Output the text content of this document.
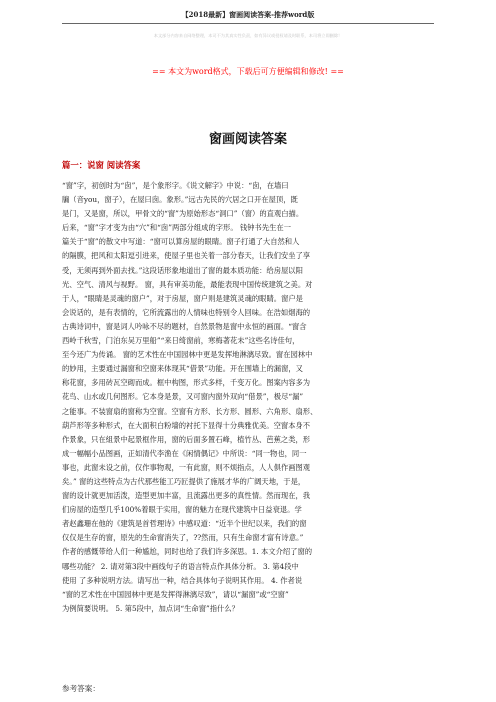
【2018最新】窗画阅读答案-推荐word版
本文部分内容来自网络整理，本司不为其真实性负责，如有异议或侵权请及时联系，本司将立即删除！
== 本文为word格式，下载后可方便编辑和修改! ==
窗画阅读答案
篇一：说窗 阅读答案
“窗”字，初创时为“囱”，是个象形字。《说文解字》中说：“囱，在墙曰
牖（音you，窗子），在屋曰囱。象形。”远古先民的穴居之口开在屋顶，既
是门，又是窗，所以，甲骨文的“窗”为原始形态“洞口”（窗）的直观白描。
后来，“窗”字才变为由“穴”和“囱”两部分组成的字形。 钱钟书先生在一
篇关于“窗”的散文中写道：“窗可以算房屋的眼睛。窗子打通了大自然和人
的隔膜，把风和太阳逗引进来，使屋子里也关着一部分春天，让我们安坐了享
受，无须再到外面去找。”这段话形象地道出了窗的最本质功能：给房屋以阳
光、空气、清风与视野。 窗，具有审美功能，最能表现中国传统建筑之美。对
于人，“眼睛是灵魂的窗户”，对于房屋，窗户则是建筑灵魂的眼睛。窗户是
会说话的，是有表情的，它所流露出的人情味也特别令人回味。在浩如烟海的
古典诗词中，窗是词人吟咏不尽的题材，自然景物是窗中永恒的画面。“窗含
西岭千秋雪，门泊东吴万里船”“来日绮窗前，寒梅著花未”这些名诗佳句，
至今还广为传诵。 窗的艺术性在中国园林中更是发挥地淋漓尽致。窗在园林中
的妙用，主要通过漏窗和空窗来体现其“借景”功能。开在围墙上的漏窗，又
称花窗，多用砖瓦空砌而成。框中构图，形式多样，千变万化。图案内容多为
花鸟、山水或几何图形。它本身是景，又可窗内窗外双向“借景”，极尽“漏”
之能事。不装窗扇的窗称为空窗。空窗有方形、长方形、圆形、六角形、扇形、
葫芦形等多种形式，在大面积白粉墙的衬托下显得十分典雅优美。空窗本身不
作景象，只在組景中起景框作用，窗的后面多置石峰，植竹丛、芭蕉之类，形
成一幅幅小品图画，正如清代李渔在《闲情偶记》中所说：“同一物也，同一
事也，此窗未设之前，仅作事物观，一有此窗，则不烦指点，人人俱作画图观
矣。” 窗的这些特点为古代那些能工巧匠提供了施展才华的广阔天地，于是，
窗的设计就更加活泼，造型更加丰富，且流露出更多的真性情。然而现在，我
们房屋的造型几乎100%着眼于实用，窗的魅力在现代建筑中日益衰退。学
者赵鑫珊在他的《建筑是首哲理诗》中感叹道：“近半个世纪以来，我们的窗
仅仅是生存的窗，原先的生命窗消失了，??然而，只有生命窗才富有诗意。”
作者的感慨带给人们一种尴尬，同时也给了我们许多深思。1. 本文介绍了窗的
哪些功能？ 2. 请对第3段中画线句子的语言特点作具体分析。 3. 第4段中
使用 了多种说明方法。请写出一种，结合具体句子说明其作用。 4. 作者说
“窗的艺术性在中国园林中更是发挥得淋漓尽致”，请以“漏窗”或“空窗”
为例简要说明。 5. 第5段中，加点词“生命窗”指什么？
参考答案：
